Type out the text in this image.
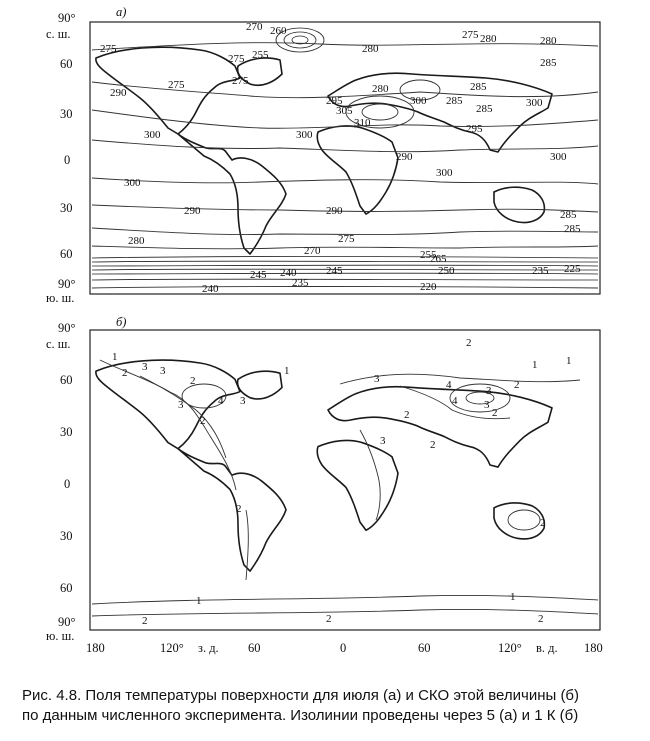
270 260
275	255
275
280
280
275	280
275
285
285
290
275	280
300
295
305
285
285
310
300
300
290
295
300
300
300
300
290	290	285
285
280	275
270
265
255
225
245 240
235
245	250	235
240	220
а)
90°
с. ш.
60
30
0
30
60
90°
ю. ш.
1
2 3 3
2
3
1
4 3
2
3
2
1
4	3 2
1
4 3
2
2
3	2
2
2
1	1
2	2	2
б)
90°
с. ш.
60
30
0
30
60
90°
ю. ш.
180	120° з. д. 60	0	60	120° в. д. 180
Рис. 4.8. Поля температуры поверхности для июля (а) и СКО этой величины (б)
по данным численного эксперимента. Изолинии проведены через 5 (а) и 1 К (б)
